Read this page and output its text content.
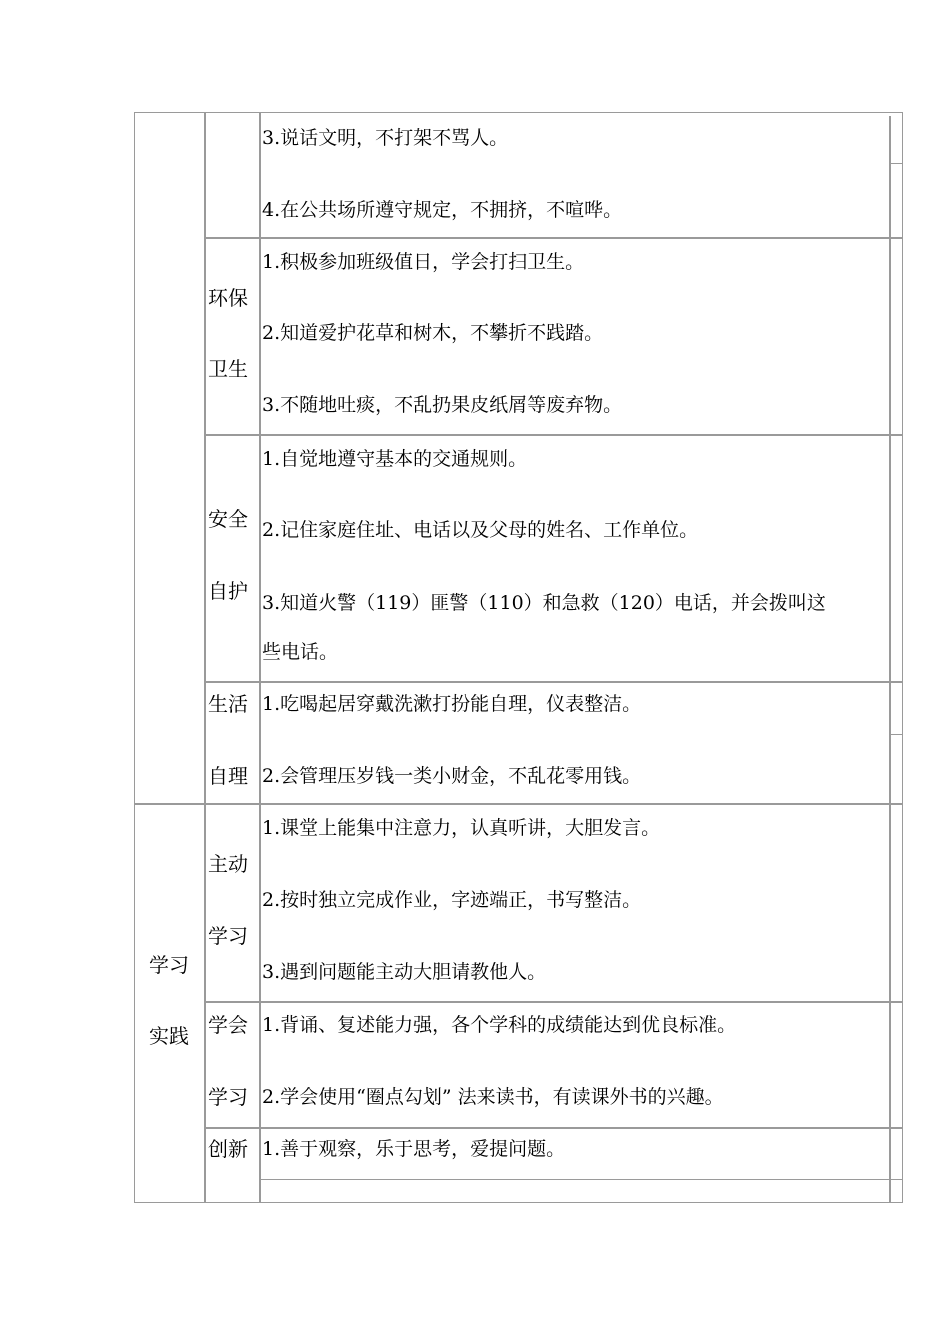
3.说话文明，不打架不骂人。
4.在公共场所遵守规定，不拥挤，不喧哗。
环保
卫生
1.积极参加班级值日，学会打扫卫生。
2.知道爱护花草和树木，不攀折不践踏。
3.不随地吐痰，不乱扔果皮纸屑等废弃物。
安全
自护
1.自觉地遵守基本的交通规则。
2.记住家庭住址、电话以及父母的姓名、工作单位。
3.知道火警（119）匪警（110）和急救（120）电话，并会拨叫这
些电话。
生活
自理
1.吃喝起居穿戴洗漱打扮能自理，仪表整洁。
2.会管理压岁钱一类小财金，不乱花零用钱。
学习
实践
主动
学习
1.课堂上能集中注意力，认真听讲，大胆发言。
2.按时独立完成作业，字迹端正，书写整洁。
3.遇到问题能主动大胆请教他人。
学会
学习
1.背诵、复述能力强，各个学科的成绩能达到优良标准。
2.学会使用“圈点勾划” 法来读书，有读课外书的兴趣。
创新 1.善于观察，乐于思考，爱提问题。
